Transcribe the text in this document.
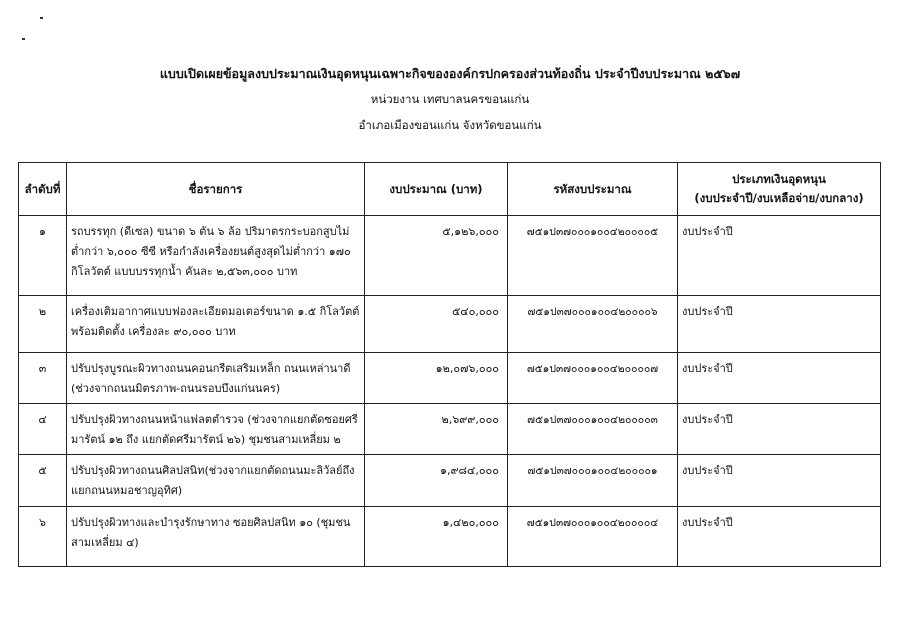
แบบเปิดเผยข้อมูลงบประมาณเงินอุดหนุนเฉพาะกิจขององค์กรปกครองส่วนท้องถิ่น ประจำปีงบประมาณ ๒๕๖๗
หน่วยงาน เทศบาลนครขอนแก่น
อำเภอเมืองขอนแก่น จังหวัดขอนแก่น
ลำดับที่	ชื่อรายการ	งบประมาณ (บาท)	รหัสงบประมาณ	ประเภทเงินอุดหนุน
(งบประจำปี/งบเหลือจ่าย/งบกลาง)

๑	รถบรรทุก (ดีเซล) ขนาด ๖ ตัน ๖ ล้อ ปริมาตรกระบอกสูบไม่ต่ำกว่า ๖,๐๐๐ ซีซี หรือกำลังเครื่องยนต์สูงสุดไม่ต่ำกว่า ๑๗๐ กิโลวัตต์ แบบบรรทุกน้ำ คันละ ๒,๕๖๓,๐๐๐ บาท	๕,๑๒๖,๐๐๐	๗๕๑ป๓๗๐๐๐๑๐๐๔๒๐๐๐๐๕	งบประจำปี
๒	เครื่องเติมอากาศแบบฟองละเอียดมอเตอร์ขนาด ๑.๕ กิโลวัตต์ พร้อมติดตั้ง เครื่องละ ๙๐,๐๐๐ บาท	๕๔๐,๐๐๐	๗๕๑ป๓๗๐๐๐๑๐๐๔๒๐๐๐๐๖	งบประจำปี
๓	ปรับปรุงบูรณะผิวทางถนนคอนกรีตเสริมเหล็ก ถนนเหล่านาดี (ช่วงจากถนนมิตรภาพ-ถนนรอบบึงแก่นนคร)	๑๒,๐๗๖,๐๐๐	๗๕๑ป๓๗๐๐๐๑๐๐๔๒๐๐๐๐๗	งบประจำปี
๔	ปรับปรุงผิวทางถนนหน้าแฟลตตำรวจ (ช่วงจากแยกตัดซอยศรีมารัตน์ ๑๒ ถึง แยกตัดศรีมารัตน์ ๒๖) ชุมชนสามเหลี่ยม ๒	๒,๖๙๙,๐๐๐	๗๕๑ป๓๗๐๐๐๑๐๐๔๒๐๐๐๐๓	งบประจำปี
๕	ปรับปรุงผิวทางถนนศิลปสนิท(ช่วงจากแยกตัดถนนมะลิวัลย์ถึงแยกถนนหมอชาญอุทิศ)	๑,๙๘๔,๐๐๐	๗๕๑ป๓๗๐๐๐๑๐๐๔๒๐๐๐๐๑	งบประจำปี
๖	ปรับปรุงผิวทางและบำรุงรักษาทาง ซอยศิลปสนิท ๑๐ (ชุมชนสามเหลี่ยม ๔)	๑,๔๒๐,๐๐๐	๗๕๑ป๓๗๐๐๐๑๐๐๔๒๐๐๐๐๔	งบประจำปี
